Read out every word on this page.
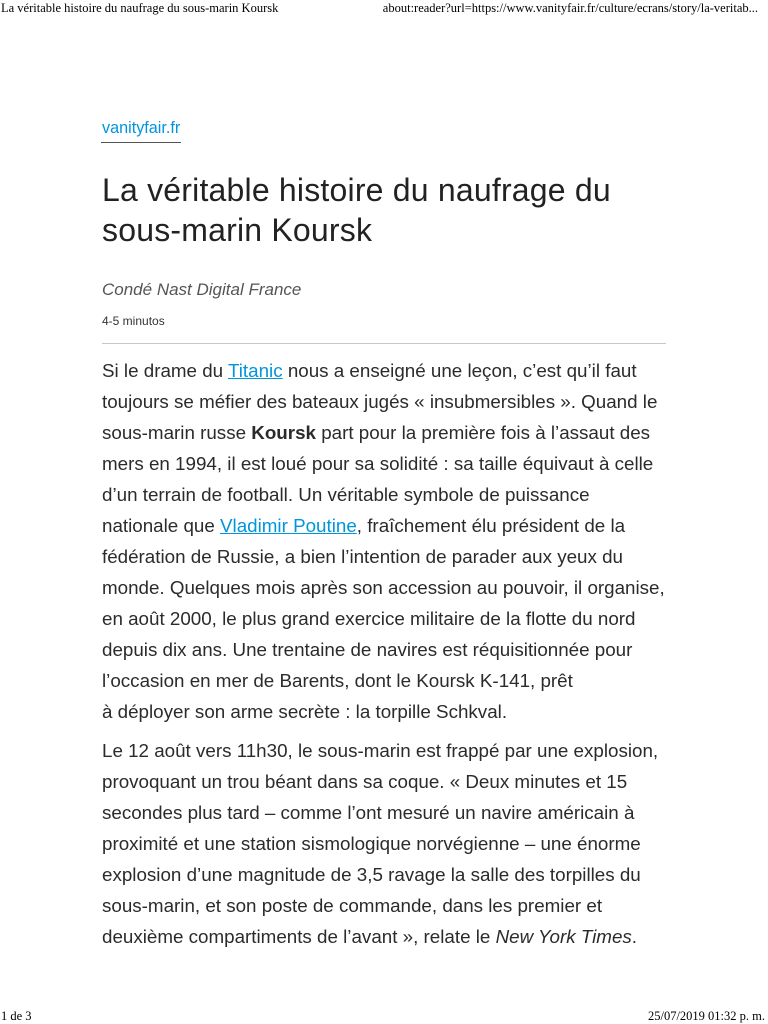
La véritable histoire du naufrage du sous-marin Koursk	about:reader?url=https://www.vanityfair.fr/culture/ecrans/story/la-veritab...
vanityfair.fr
La véritable histoire du naufrage du
sous-marin Koursk
Condé Nast Digital France
4-5 minutos

Si le drame du Titanic nous a enseigné une leçon, c’est qu’il faut
toujours se méfier des bateaux jugés « insubmersibles ». Quand le
sous-marin russe Koursk part pour la première fois à l’assaut des
mers en 1994, il est loué pour sa solidité : sa taille équivaut à celle
d’un terrain de football. Un véritable symbole de puissance
nationale que Vladimir Poutine, fraîchement élu président de la
fédération de Russie, a bien l’intention de parader aux yeux du
monde. Quelques mois après son accession au pouvoir, il organise,
en août 2000, le plus grand exercice militaire de la flotte du nord
depuis dix ans. Une trentaine de navires est réquisitionnée pour
l’occasion en mer de Barents, dont le Koursk K-141, prêt
à déployer son arme secrète : la torpille Schkval.

Le 12 août vers 11h30, le sous-marin est frappé par une explosion,
provoquant un trou béant dans sa coque. « Deux minutes et 15
secondes plus tard – comme l’ont mesuré un navire américain à
proximité et une station sismologique norvégienne – une énorme
explosion d’une magnitude de 3,5 ravage la salle des torpilles du
sous-marin, et son poste de commande, dans les premier et
deuxième compartiments de l’avant », relate le New York Times.

1 de 3	25/07/2019 01:32 p. m.
